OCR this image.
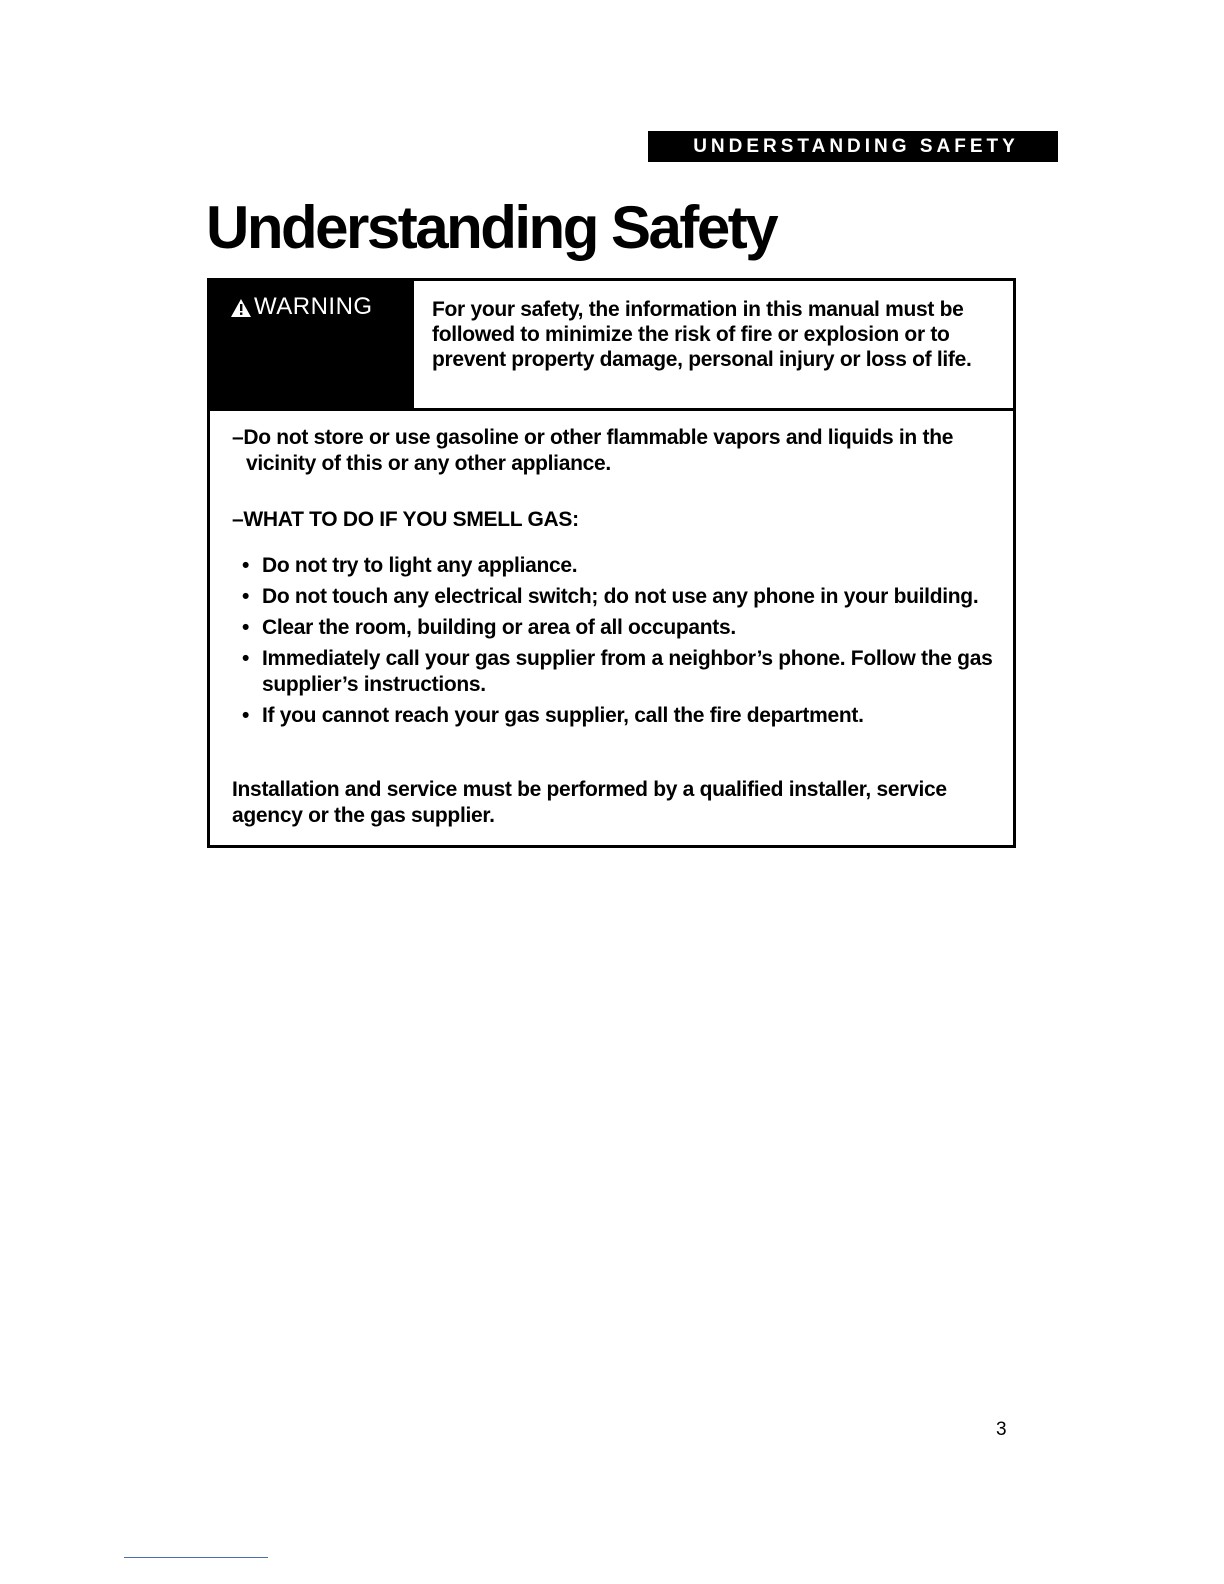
UNDERSTANDING SAFETY
Understanding Safety
WARNING	For your safety, the information in this manual must be followed to minimize the risk of fire or explosion or to prevent property damage, personal injury or loss of life.

–Do not store or use gasoline or other flammable vapors and liquids in the vicinity of this or any other appliance.

–WHAT TO DO IF YOU SMELL GAS:

• Do not try to light any appliance.
• Do not touch any electrical switch; do not use any phone in your building.
• Clear the room, building or area of all occupants.
• Immediately call your gas supplier from a neighbor’s phone. Follow the gas supplier’s instructions.
• If you cannot reach your gas supplier, call the fire department.

Installation and service must be performed by a qualified installer, service agency or the gas supplier.

3
